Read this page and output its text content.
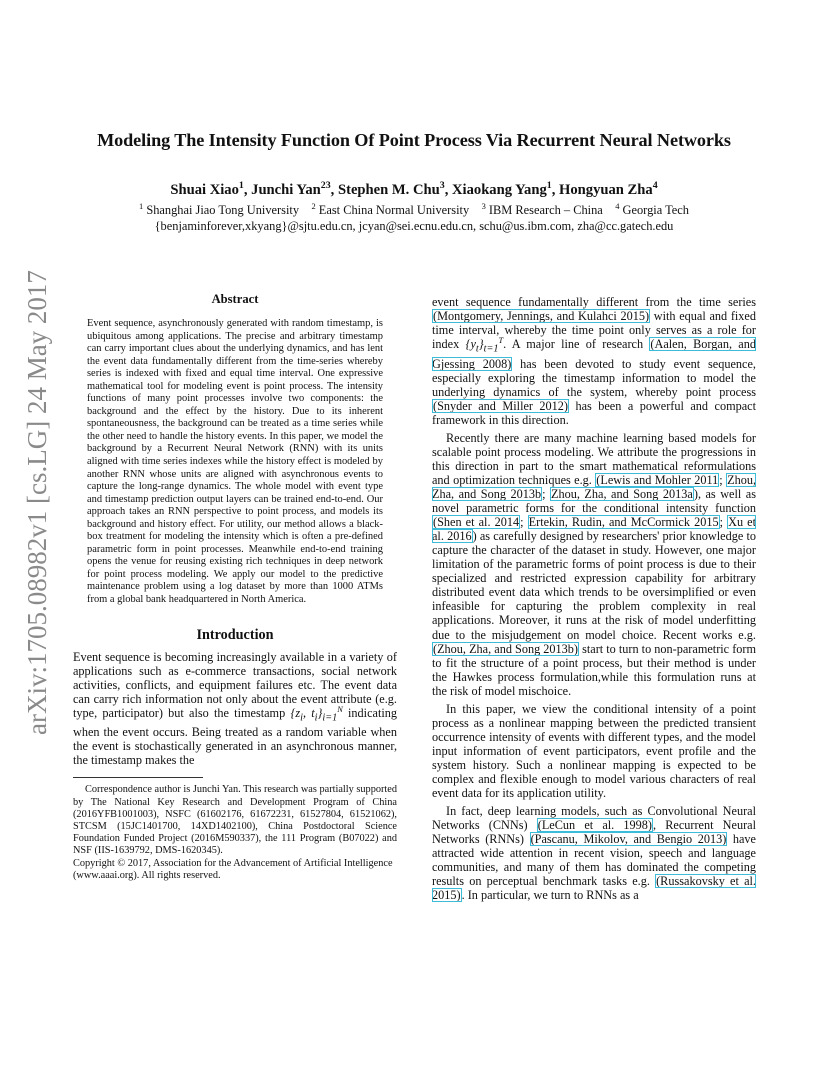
Modeling The Intensity Function Of Point Process Via Recurrent Neural Networks
Shuai Xiao$^1$, Junchi Yan$^{23}$, Stephen M. Chu$^3$, Xiaokang Yang$^1$, Hongyuan Zha$^4$
$^1$ Shanghai Jiao Tong University $^2$ East China Normal University $^3$ IBM Research – China $^4$ Georgia Tech
{benjaminforever,xkyang}@sjtu.edu.cn, jcyan@sei.ecnu.edu.cn, schu@us.ibm.com, zha@cc.gatech.edu
arXiv:1705.08982v1 [cs.LG] 24 May 2017	Abstract

Event sequence, asynchronously generated with random timestamp, is ubiquitous among applications. The precise and arbitrary timestamp can carry important clues about the underlying dynamics, and has lent the event data fundamentally different from the time-series whereby series is indexed with fixed and equal time interval. One expressive mathematical tool for modeling event is point process. The intensity functions of many point processes involve two components: the background and the effect by the history. Due to its inherent spontaneousness, the background can be treated as a time series while the other need to handle the history events. In this paper, we model the background by a Recurrent Neural Network (RNN) with its units aligned with time series indexes while the history effect is modeled by another RNN whose units are aligned with asynchronous events to capture the long-range dynamics. The whole model with event type and timestamp prediction output layers can be trained end-to-end. Our approach takes an RNN perspective to point process, and models its background and history effect. For utility, our method allows a black-box treatment for modeling the intensity which is often a pre-defined parametric form in point processes. Meanwhile end-to-end training opens the venue for reusing existing rich techniques in deep network for point process modeling. We apply our model to the predictive maintenance problem using a log dataset by more than 1000 ATMs from a global bank headquartered in North America.

Introduction

Event sequence is becoming increasingly available in a variety of applications such as e-commerce transactions, social network activities, conflicts, and equipment failures etc. The event data can carry rich information not only about the event attribute (e.g. type, participator) but also the timestamp {$z_i$, $t_i\}_{i=1}^N$ indicating when the event occurs. Being treated as a random variable when the event is stochastically generated in an asynchronous manner, the timestamp makes the

Correspondence author is Junchi Yan. This research was partially supported by The National Key Research and Development Program of China (2016YFB1001003), NSFC (61602176, 61672231, 61527804, 61521062), STCSM (15JC1401700, 14XD1402100), China Postdoctoral Science Foundation Funded Project (2016M590337), the 111 Program (B07022) and NSF (IIS-1639792, DMS-1620345).

Copyright © 2017, Association for the Advancement of Artificial Intelligence (www.aaai.org). All rights reserved.

event sequence fundamentally different from the time series (Montgomery, Jennings, and Kulahci 2015) with equal and fixed time interval, whereby the time point only serves as a role for index $\{y_t\}_{t=1}^T$. A major line of research (Aalen, Borgan, and Gjessing 2008) has been devoted to study event sequence, especially exploring the timestamp information to model the underlying dynamics of the system, whereby point process (Snyder and Miller 2012) has been a powerful and compact framework in this direction.

Recently there are many machine learning based models for scalable point process modeling. We attribute the progressions in this direction in part to the smart mathematical reformulations and optimization techniques e.g. (Lewis and Mohler 2011; Zhou, Zha, and Song 2013b; Zhou, Zha, and Song 2013a), as well as novel parametric forms for the conditional intensity function (Shen et al. 2014; Ertekin, Rudin, and McCormick 2015; Xu et al. 2016) as carefully designed by researchers' prior knowledge to capture the character of the dataset in study. However, one major limitation of the parametric forms of point process is due to their specialized and restricted expression capability for arbitrary distributed event data which trends to be oversimplified or even infeasible for capturing the problem complexity in real applications. Moreover, it runs at the risk of model underfitting due to the misjudgement on model choice. Recent works e.g. (Zhou, Zha, and Song 2013b) start to turn to non-parametric form to fit the structure of a point process, but their method is under the Hawkes process formulation,while this formulation runs at the risk of model mischoice.

In this paper, we view the conditional intensity of a point process as a nonlinear mapping between the predicted transient occurrence intensity of events with different types, and the model input information of event participators, event profile and the system history. Such a nonlinear mapping is expected to be complex and flexible enough to model various characters of real event data for its application utility.

In fact, deep learning models, such as Convolutional Neural Networks (CNNs) (LeCun et al. 1998), Recurrent Neural Networks (RNNs) (Pascanu, Mikolov, and Bengio 2013) have attracted wide attention in recent vision, speech and language communities, and many of them has dominated the competing results on perceptual benchmark tasks e.g. (Russakovsky et al. 2015). In particular, we turn to RNNs as a
